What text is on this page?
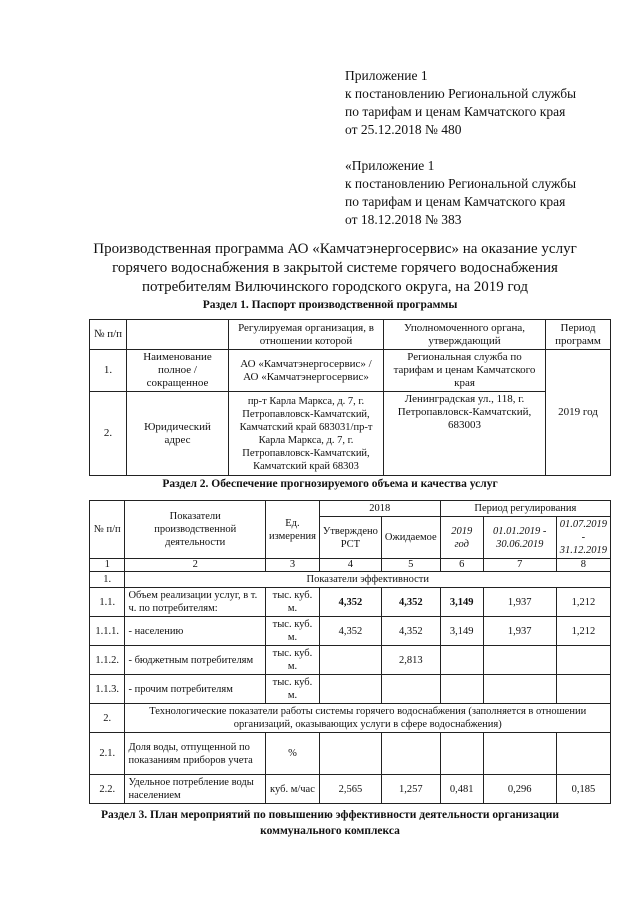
Приложение 1
к постановлению Региональной службы
по тарифам и ценам Камчатского края
от 25.12.2018 № 480
«Приложение 1
к постановлению Региональной службы
по тарифам и ценам Камчатского края
от 18.12.2018 № 383
Производственная программа АО «Камчатэнергосервис» на оказание услуг
горячего водоснабжения в закрытой системе горячего водоснабжения
потребителям Вилючинского городского округа, на 2019 год
Раздел 1. Паспорт производственной программы
№ п/п		Регулируемая организация, в отношении которой	Уполномоченного органа, утверждающий	Период программ
1.	Наименование полное / сокращенное	АО «Камчатэнергосервис» / АО «Камчатэнергосервис»	Региональная служба по тарифам и ценам Камчатского края	2019 год
2.	Юридический адрес	пр-т Карла Маркса, д. 7, г. Петропавловск-Камчатский, Камчатский край 683031/пр-т Карла Маркса, д. 7, г. Петропавловск-Камчатский, Камчатский край 68303	Ленинградская ул., 118, г. Петропавловск-Камчатский, 683003	
Раздел 2. Обеспечение прогнозируемого объема и качества услуг
№ п/п	Показатели производственной деятельности	Ед. измерения	2018		Период регулирования		
			Утверждено РСТ	Ожидаемое	2019 год	01.01.2019 - 30.06.2019	01.07.2019 - 31.12.2019
1	2	3	4	5	6	7	8
1.	Показатели эффективности						
1.1.	Объем реализации услуг, в т. ч. по потребителям:	тыс. куб. м.	4,352	4,352	3,149	1,937	1,212
1.1.1.	- населению	тыс. куб. м.	4,352	4,352	3,149	1,937	1,212
1.1.2.	- бюджетным потребителям	тыс. куб. м.		2,813			
1.1.3.	- прочим потребителям	тыс. куб. м.					
2.	Технологические показатели работы системы горячего водоснабжения (заполняется в отношении организаций, оказывающих услуги в сфере водоснабжения)						
2.1.	Доля воды, отпущенной по показаниям приборов учета	%					
2.2.	Удельное потребление воды населением	куб. м/час	2,565	1,257	0,481	0,296	0,185
Раздел 3. План мероприятий по повышению эффективности деятельности организации
коммунального комплекса
